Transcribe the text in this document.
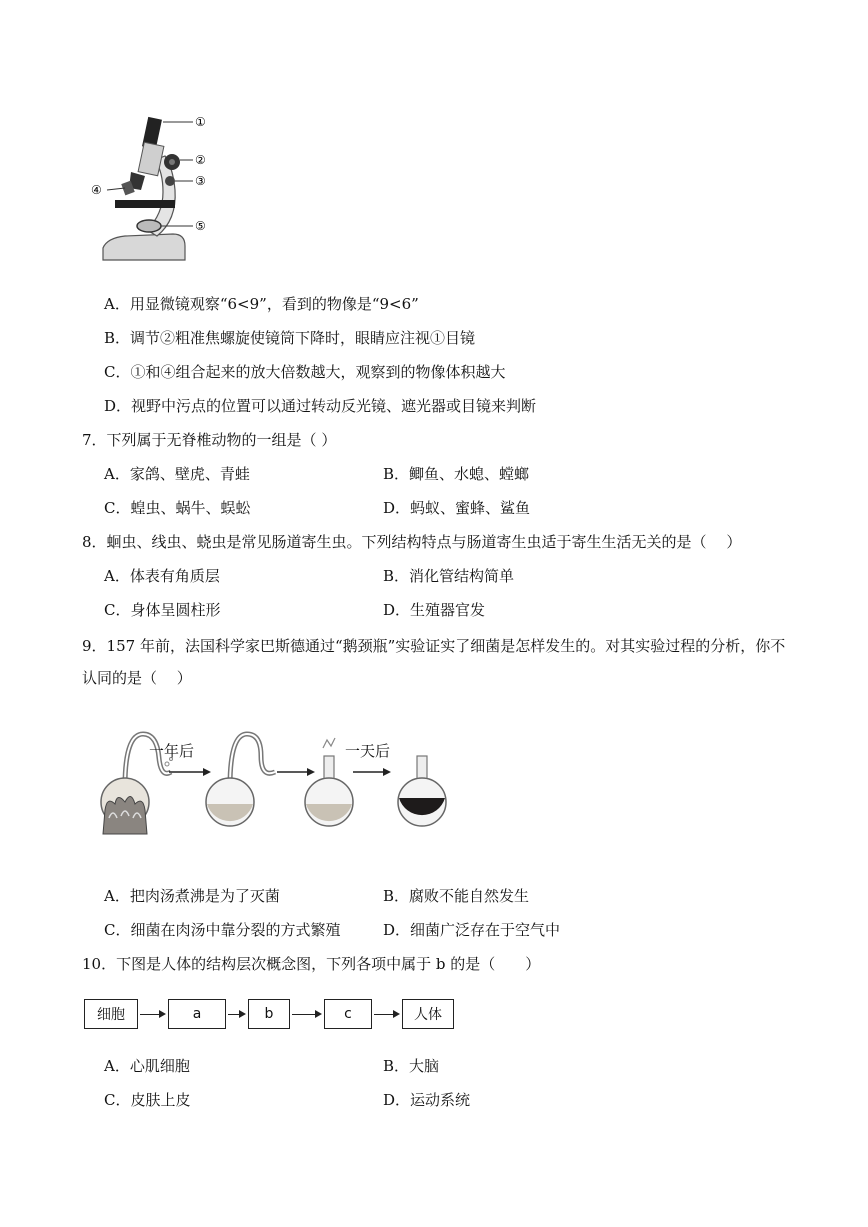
①
②
③
④
⑤
A．用显微镜观察“6<9”，看到的物像是“9<6”
B．调节②粗准焦螺旋使镜筒下降时，眼睛应注视①目镜
C．①和④组合起来的放大倍数越大，观察到的物像体积越大
D．视野中污点的位置可以通过转动反光镜、遮光器或目镜来判断
7．下列属于无脊椎动物的一组是（ ）
A．家鸽、壁虎、青蛙	B．鲫鱼、水螅、螳螂
C．蝗虫、蜗牛、蜈蚣	D．蚂蚁、蜜蜂、鲨鱼
8．蛔虫、线虫、蛲虫是常见肠道寄生虫。下列结构特点与肠道寄生虫适于寄生生活无关的是（　 ）
A．体表有角质层	B．消化管结构简单
C．身体呈圆柱形	D．生殖器官发
9．157 年前，法国科学家巴斯德通过“鹅颈瓶”实验证实了细菌是怎样发生的。对其实验过程的分析，你不
认同的是（　 ）
一年后	一天后
A．把肉汤煮沸是为了灭菌	B．腐败不能自然发生
C．细菌在肉汤中靠分裂的方式繁殖	D．细菌广泛存在于空气中
10．下图是人体的结构层次概念图，下列各项中属于 b 的是（　　）
细胞	a	b	c	人体
A．心肌细胞	B．大脑
C．皮肤上皮	D．运动系统
